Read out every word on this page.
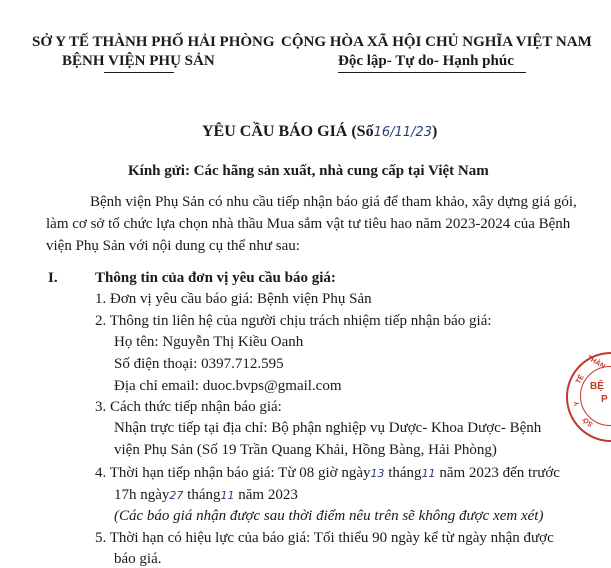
SỞ Y TẾ THÀNH PHỐ HẢI PHÒNG
BỆNH VIỆN PHỤ SẢN
CỘNG HÒA XÃ HỘI CHỦ NGHĨA VIỆT NAM
Độc lập- Tự do- Hạnh phúc
YÊU CẦU BÁO GIÁ (Số16/11/23)
Kính gửi: Các hãng sản xuất, nhà cung cấp tại Việt Nam
Bệnh viện Phụ Sản có nhu cầu tiếp nhận báo giá để tham khảo, xây dựng giá gói,
làm cơ sở tổ chức lựa chọn nhà thầu Mua sắm vật tư tiêu hao năm 2023-2024 của Bệnh
viện Phụ Sản với nội dung cụ thể như sau:
I. Thông tin của đơn vị yêu cầu báo giá:
1. Đơn vị yêu cầu báo giá: Bệnh viện Phụ Sản
2. Thông tin liên hệ của người chịu trách nhiệm tiếp nhận báo giá:
Họ tên: Nguyễn Thị Kiều Oanh
Số điện thoại: 0397.712.595
Địa chỉ email: duoc.bvps@gmail.com
3. Cách thức tiếp nhận báo giá:
Nhận trực tiếp tại địa chỉ: Bộ phận nghiệp vụ Dược- Khoa Dược- Bệnh
viện Phụ Sản (Số 19 Trần Quang Khải, Hồng Bàng, Hải Phòng)
4. Thời hạn tiếp nhận báo giá: Từ 08 giờ ngày13 tháng11 năm 2023 đến trước
17h ngày27 tháng11 năm 2023
(Các báo giá nhận được sau thời điểm nêu trên sẽ không được xem xét)
5. Thời hạn có hiệu lực của báo giá: Tối thiểu 90 ngày kể từ ngày nhận được
báo giá.
THÀN
BỆ
P
TẾ
Y
SỞ
